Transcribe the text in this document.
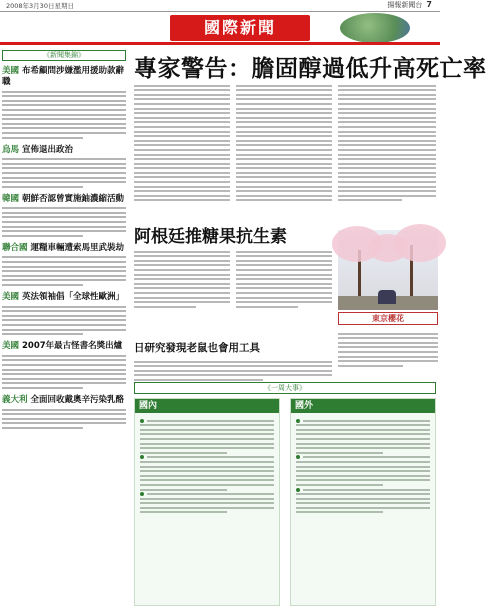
2008年3月30日星期日	揚報新聞台 7
國際新聞
《新聞集錦》
美國 布希顧問涉嫌濫用援助款辭職
烏馬 宣佈退出政治
韓國 朝鮮否認曾實施鈾濃縮活動
聯合國 運糧車輛遭索馬里武裝劫
美國 英法領袖倡「全球性歐洲」
美國 2007年最古怪書名獎出爐
義大利 全面回收戴奧辛污染乳酪
專家警告：膽固醇過低升高死亡率
阿根廷推糖果抗生素
東京櫻花
日研究發現老鼠也會用工具
《一周大事》
國內	國外
